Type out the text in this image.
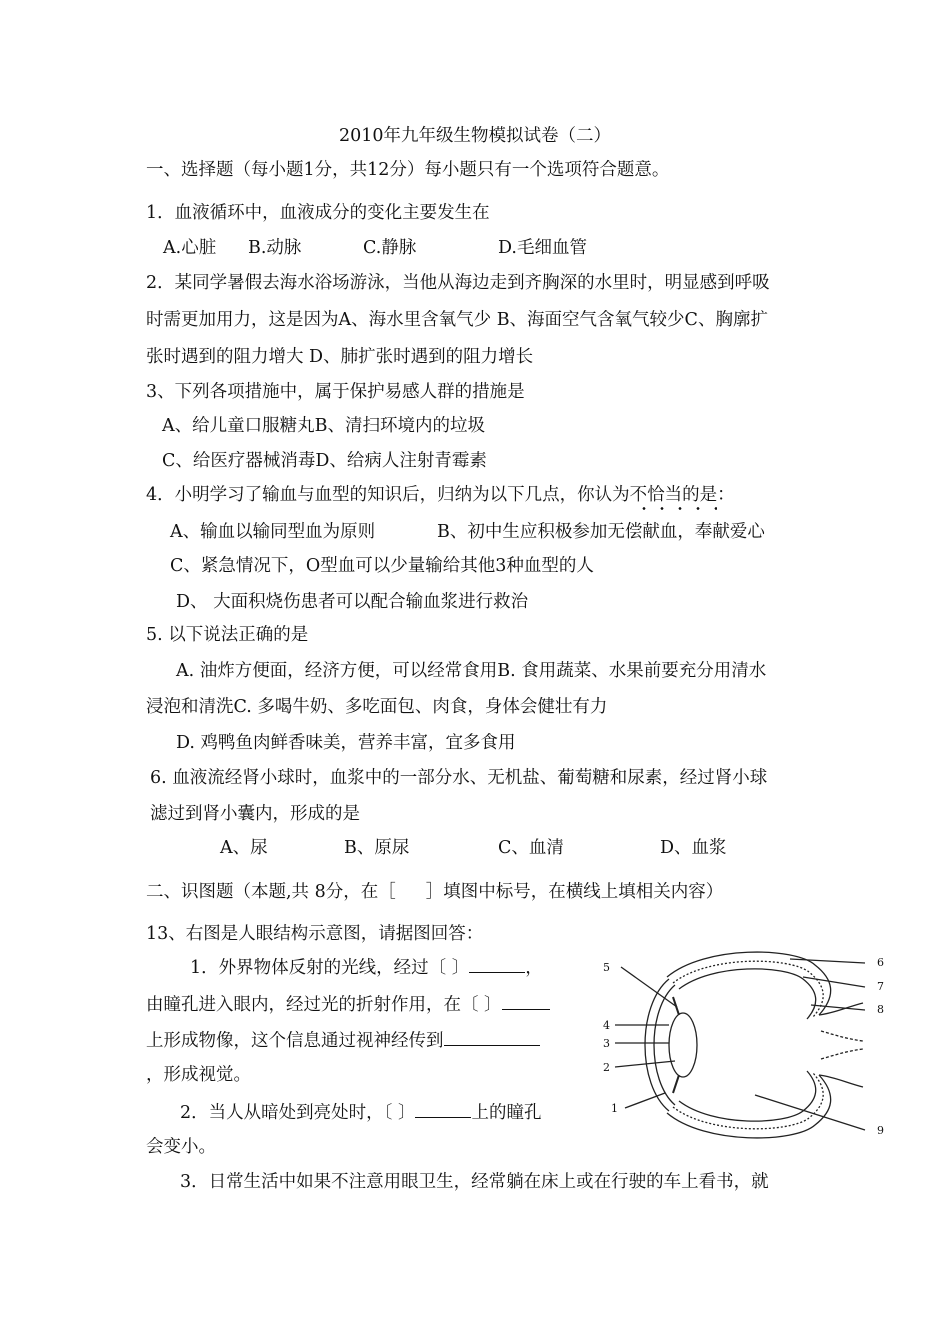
2010年九年级生物模拟试卷（二）
一、选择题（每小题1分，共12分）每小题只有一个选项符合题意。
1．血液循环中，血液成分的变化主要发生在
A.心脏 B.动脉	C.静脉	D.毛细血管
2．某同学暑假去海水浴场游泳，当他从海边走到齐胸深的水里时，明显感到呼吸
时需更加用力，这是因为A、海水里含氧气少 B、海面空气含氧气较少C、胸廓扩
张时遇到的阻力增大 D、肺扩张时遇到的阻力增长
3、下列各项措施中，属于保护易感人群的措施是
A、给儿童口服糖丸B、清扫环境内的垃圾
C、给医疗器械消毒D、给病人注射青霉素
4．小明学习了输血与血型的知识后，归纳为以下几点，你认为不恰当的是：
A、输血以输同型血为原则	B、初中生应积极参加无偿献血，奉献爱心
C、紧急情况下，O型血可以少量输给其他3种血型的人
D、 大面积烧伤患者可以配合输血浆进行救治
5. 以下说法正确的是
A. 油炸方便面，经济方便，可以经常食用B. 食用蔬菜、水果前要充分用清水
浸泡和清洗C. 多喝牛奶、多吃面包、肉食，身体会健壮有力
D. 鸡鸭鱼肉鲜香味美，营养丰富，宜多食用
6. 血液流经肾小球时，血浆中的一部分水、无机盐、葡萄糖和尿素，经过肾小球
滤过到肾小囊内，形成的是
A、尿	B、原尿	C、血清	D、血浆
二、识图题（本题,共 8分，在［ ］填图中标号，在横线上填相关内容）
13、右图是人眼结构示意图，请据图回答：
1．外界物体反射的光线，经过〔 〕	，
由瞳孔进入眼内，经过光的折射作用，在〔 〕
上形成物像，这个信息通过视神经传到
，形成视觉。
2．当人从暗处到亮处时，〔 〕	上的瞳孔
会变小。
3．日常生活中如果不注意用眼卫生，经常躺在床上或在行驶的车上看书，就
5	6
7
8
4
3
2
1
9
